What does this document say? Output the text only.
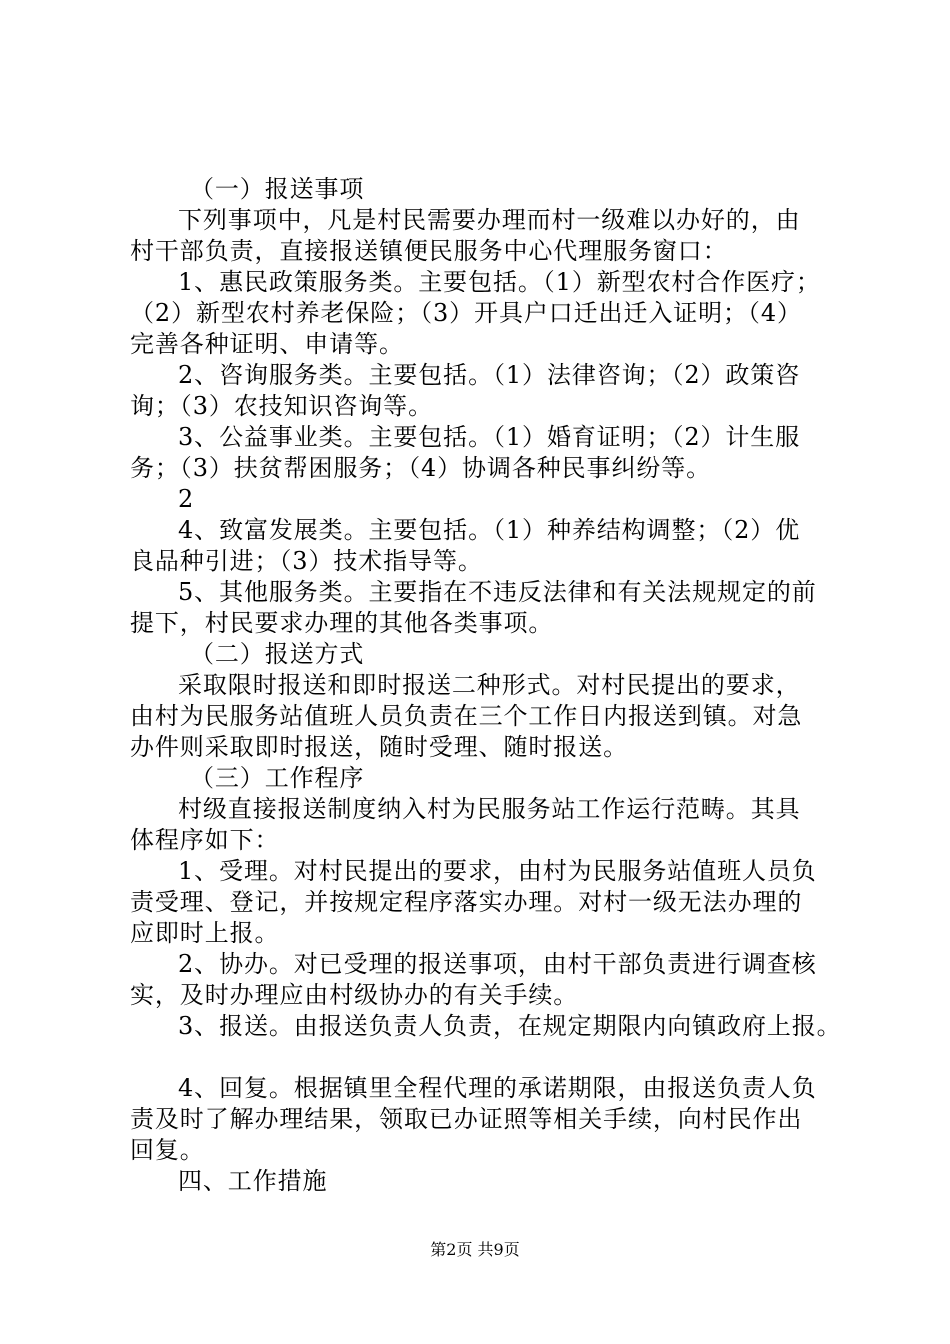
（一）报送事项
下列事项中，凡是村民需要办理而村一级难以办好的，由
村干部负责，直接报送镇便民服务中心代理服务窗口：
1、惠民政策服务类。主要包括。（1）新型农村合作医疗；
（2）新型农村养老保险；（3）开具户口迁出迁入证明；（4）
完善各种证明、申请等。
2、咨询服务类。主要包括。（1）法律咨询；（2）政策咨
询；（3）农技知识咨询等。
3、公益事业类。主要包括。（1）婚育证明；（2）计生服
务；（3）扶贫帮困服务；（4）协调各种民事纠纷等。
2
4、致富发展类。主要包括。（1）种养结构调整；（2）优
良品种引进；（3）技术指导等。
5、其他服务类。主要指在不违反法律和有关法规规定的前
提下，村民要求办理的其他各类事项。
（二）报送方式
采取限时报送和即时报送二种形式。对村民提出的要求，
由村为民服务站值班人员负责在三个工作日内报送到镇。对急
办件则采取即时报送，随时受理、随时报送。
（三）工作程序
村级直接报送制度纳入村为民服务站工作运行范畴。其具
体程序如下：
1、受理。对村民提出的要求，由村为民服务站值班人员负
责受理、登记，并按规定程序落实办理。对村一级无法办理的
应即时上报。
2、协办。对已受理的报送事项，由村干部负责进行调查核
实，及时办理应由村级协办的有关手续。
3、报送。由报送负责人负责，在规定期限内向镇政府上报。
4、回复。根据镇里全程代理的承诺期限，由报送负责人负
责及时了解办理结果，领取已办证照等相关手续，向村民作出
回复。
四、工作措施
第2页 共9页
